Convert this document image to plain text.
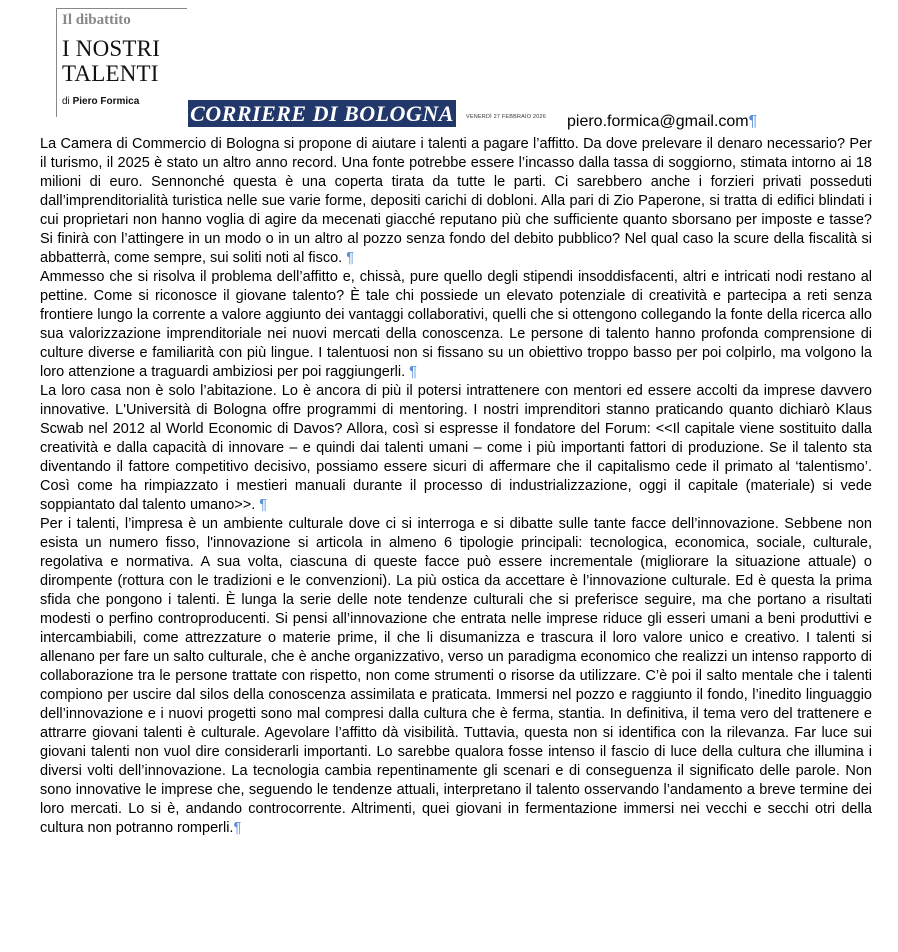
Il dibattito
I NOSTRI
TALENTI
di Piero Formica CORRIERE DI BOLOGNA	VENERDÌ 27 FEBBRAIO 2026 piero.formica@gmail.com¶

La Camera di Commercio di Bologna si propone di aiutare i talenti a pagare l’affitto. Da dove prelevare il denaro necessario? Per il turismo, il 2025 è stato un altro anno record. Una fonte potrebbe essere l’incasso dalla tassa di soggiorno, stimata intorno ai 18 milioni di euro. Sennonché questa è una coperta tirata da tutte le parti. Ci sarebbero anche i forzieri privati posseduti dall’imprenditorialità turistica nelle sue varie forme, depositi carichi di dobloni. Alla pari di Zio Paperone, si tratta di edifici blindati i cui proprietari non hanno voglia di agire da mecenati giacché reputano più che sufficiente quanto sborsano per imposte e tasse? Si finirà con l’attingere in un modo o in un altro al pozzo senza fondo del debito pubblico? Nel qual caso la scure della fiscalità si abbatterrà, come sempre, sui soliti noti al fisco. ¶

Ammesso che si risolva il problema dell’affitto e, chissà, pure quello degli stipendi insoddisfacenti, altri e intricati nodi restano al pettine. Come si riconosce il giovane talento? È tale chi possiede un elevato potenziale di creatività e partecipa a reti senza frontiere lungo la corrente a valore aggiunto dei vantaggi collaborativi, quelli che si ottengono collegando la fonte della ricerca allo sua valorizzazione imprenditoriale nei nuovi mercati della conoscenza. Le persone di talento hanno profonda comprensione di culture diverse e familiarità con più lingue. I talentuosi non si fissano su un obiettivo troppo basso per poi colpirlo, ma volgono la loro attenzione a traguardi ambiziosi per poi raggiungerli. ¶

La loro casa non è solo l’abitazione. Lo è ancora di più il potersi intrattenere con mentori ed essere accolti da imprese davvero innovative. L'Università di Bologna offre programmi di mentoring. I nostri imprenditori stanno praticando quanto dichiarò Klaus Scwab nel 2012 al World Economic di Davos? Allora, così si espresse il fondatore del Forum: <<Il capitale viene sostituito dalla creatività e dalla capacità di innovare – e quindi dai talenti umani – come i più importanti fattori di produzione. Se il talento sta diventando il fattore competitivo decisivo, possiamo essere sicuri di affermare che il capitalismo cede il primato al ‘talentismo’. Così come ha rimpiazzato i mestieri manuali durante il processo di industrializzazione, oggi il capitale (materiale) si vede soppiantato dal talento umano>>. ¶

Per i talenti, l’impresa è un ambiente culturale dove ci si interroga e si dibatte sulle tante facce dell’innovazione. Sebbene non esista un numero fisso, l'innovazione si articola in almeno 6 tipologie principali: tecnologica, economica, sociale, culturale, regolativa e normativa. A sua volta, ciascuna di queste facce può essere incrementale (migliorare la situazione attuale) o dirompente (rottura con le tradizioni e le convenzioni). La più ostica da accettare è l’innovazione culturale. Ed è questa la prima sfida che pongono i talenti. È lunga la serie delle note tendenze culturali che si preferisce seguire, ma che portano a risultati modesti o perfino controproducenti. Si pensi all’innovazione che entrata nelle imprese riduce gli esseri umani a beni produttivi e intercambiabili, come attrezzature o materie prime, il che li disumanizza e trascura il loro valore unico e creativo. I talenti si allenano per fare un salto culturale, che è anche organizzativo, verso un paradigma economico che realizzi un intenso rapporto di collaborazione tra le persone trattate con rispetto, non come strumenti o risorse da utilizzare. C’è poi il salto mentale che i talenti compiono per uscire dal silos della conoscenza assimilata e praticata. Immersi nel pozzo e raggiunto il fondo, l’inedito linguaggio dell’innovazione e i nuovi progetti sono mal compresi dalla cultura che è ferma, stantia. In definitiva, il tema vero del trattenere e attrarre giovani talenti è culturale. Agevolare l’affitto dà visibilità. Tuttavia, questa non si identifica con la rilevanza. Far luce sui giovani talenti non vuol dire considerarli importanti. Lo sarebbe qualora fosse intenso il fascio di luce della cultura che illumina i diversi volti dell’innovazione. La tecnologia cambia repentinamente gli scenari e di conseguenza il significato delle parole. Non sono innovative le imprese che, seguendo le tendenze attuali, interpretano il talento osservando l’andamento a breve termine dei loro mercati. Lo si è, andando controcorrente. Altrimenti, quei giovani in fermentazione immersi nei vecchi e secchi otri della cultura non potranno romperli.¶
